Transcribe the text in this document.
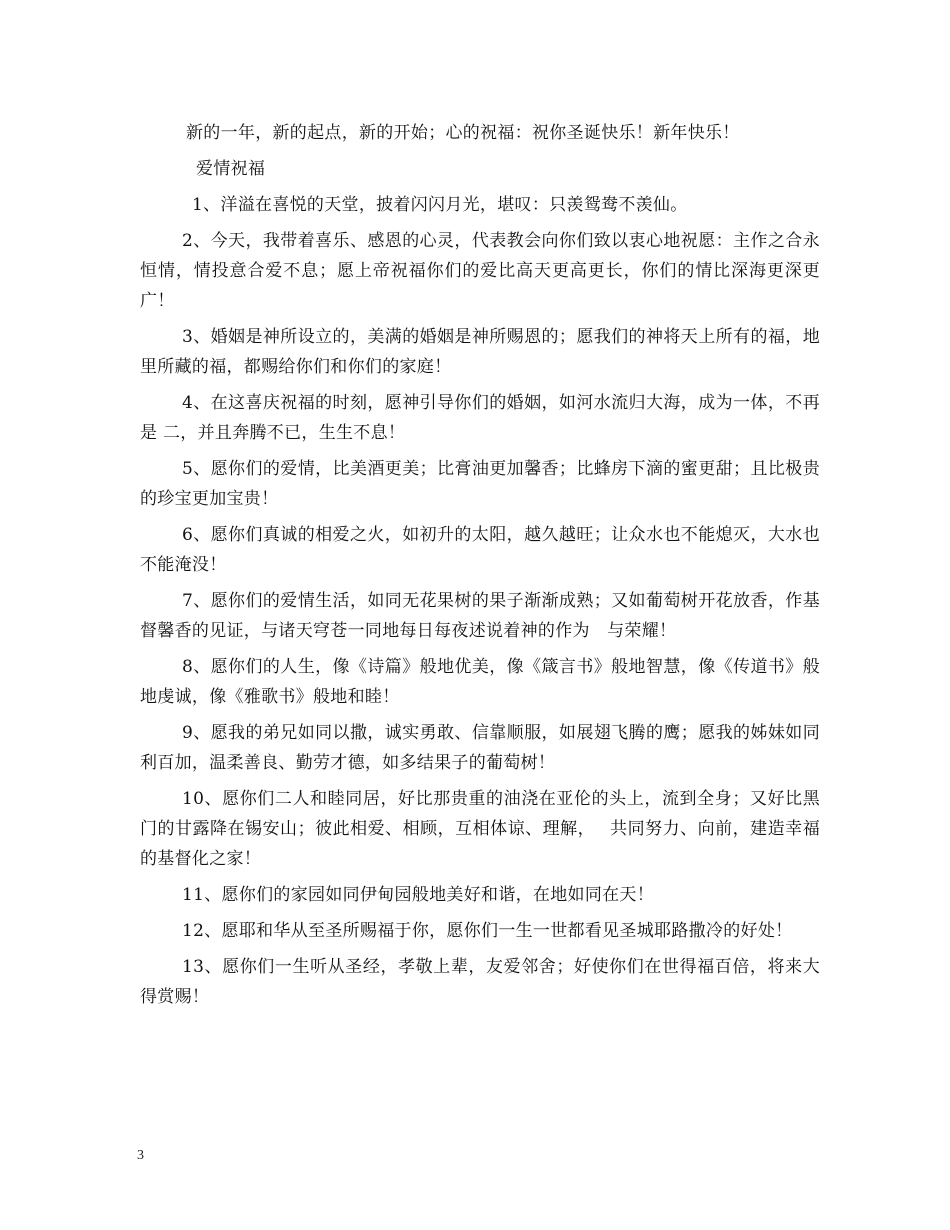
新的一年，新的起点，新的开始；心的祝福：祝你圣诞快乐！新年快乐！

爱情祝福

1、洋溢在喜悦的天堂，披着闪闪月光，堪叹：只羡鸳鸯不羡仙。

2、今天，我带着喜乐、感恩的心灵，代表教会向你们致以衷心地祝愿：主作之合永恒情，情投意合爱不息；愿上帝祝福你们的爱比高天更高更长，你们的情比深海更深更广！

3、婚姻是神所设立的，美满的婚姻是神所赐恩的；愿我们的神将天上所有的福，地里所藏的福，都赐给你们和你们的家庭！

4、在这喜庆祝福的时刻，愿神引导你们的婚姻，如河水流归大海，成为一体，不再是 二，并且奔腾不已，生生不息！

5、愿你们的爱情，比美酒更美；比膏油更加馨香；比蜂房下滴的蜜更甜；且比极贵的珍宝更加宝贵！

6、愿你们真诚的相爱之火，如初升的太阳，越久越旺；让众水也不能熄灭，大水也不能淹没！

7、愿你们的爱情生活，如同无花果树的果子渐渐成熟；又如葡萄树开花放香，作基督馨香的见证，与诸天穹苍一同地每日每夜述说着神的作为　与荣耀！

8、愿你们的人生，像《诗篇》般地优美，像《箴言书》般地智慧，像《传道书》般地虔诚，像《雅歌书》般地和睦！

9、愿我的弟兄如同以撒，诚实勇敢、信靠顺服，如展翅飞腾的鹰；愿我的姊妹如同利百加，温柔善良、勤劳才德，如多结果子的葡萄树！

10、愿你们二人和睦同居，好比那贵重的油浇在亚伦的头上，流到全身；又好比黑门的甘露降在锡安山；彼此相爱、相顾，互相体谅、理解，　 共同努力、向前，建造幸福的基督化之家！

11、愿你们的家园如同伊甸园般地美好和谐，在地如同在天！

12、愿耶和华从至圣所赐福于你，愿你们一生一世都看见圣城耶路撒冷的好处！

13、愿你们一生听从圣经，孝敬上辈，友爱邻舍；好使你们在世得福百倍，将来大得赏赐！

3
